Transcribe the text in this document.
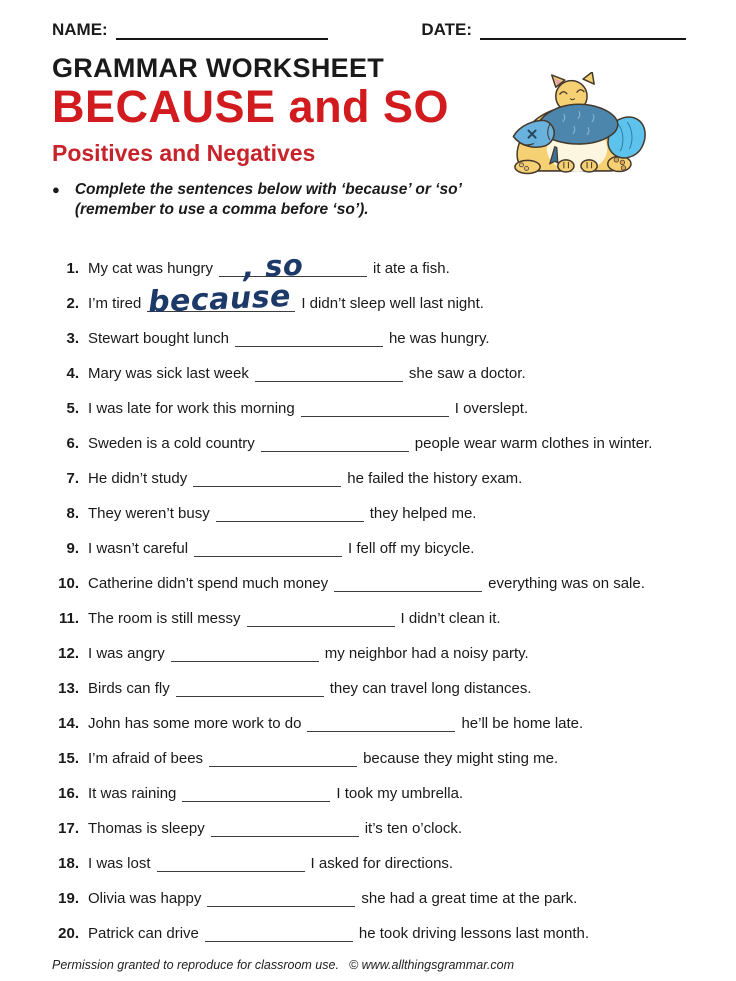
NAME:	DATE:
GRAMMAR WORKSHEET
BECAUSE and SO
Positives and Negatives
● Complete the sentences below with ‘because’ or ‘so’
(remember to use a comma before ‘so’).
1. My cat was hungry , so	it ate a fish.
2. I’m tired because I didn’t sleep well last night.
3. Stewart bought lunch	he was hungry.
4. Mary was sick last week	she saw a doctor.
5. I was late for work this morning	I overslept.
6. Sweden is a cold country	people wear warm clothes in winter.
7. He didn’t study	he failed the history exam.
8. They weren’t busy	they helped me.
9. I wasn’t careful	I fell off my bicycle.
10. Catherine didn’t spend much money	everything was on sale.
11. The room is still messy	I didn’t clean it.
12. I was angry	my neighbor had a noisy party.
13. Birds can fly	they can travel long distances.
14. John has some more work to do	he’ll be home late.
15. I’m afraid of bees	because they might sting me.
16. It was raining	I took my umbrella.
17. Thomas is sleepy	it’s ten o’clock.
18. I was lost	I asked for directions.
19. Olivia was happy	she had a great time at the park.
20. Patrick can drive	he took driving lessons last month.
Permission granted to reproduce for classroom use. © www.allthingsgrammar.com
